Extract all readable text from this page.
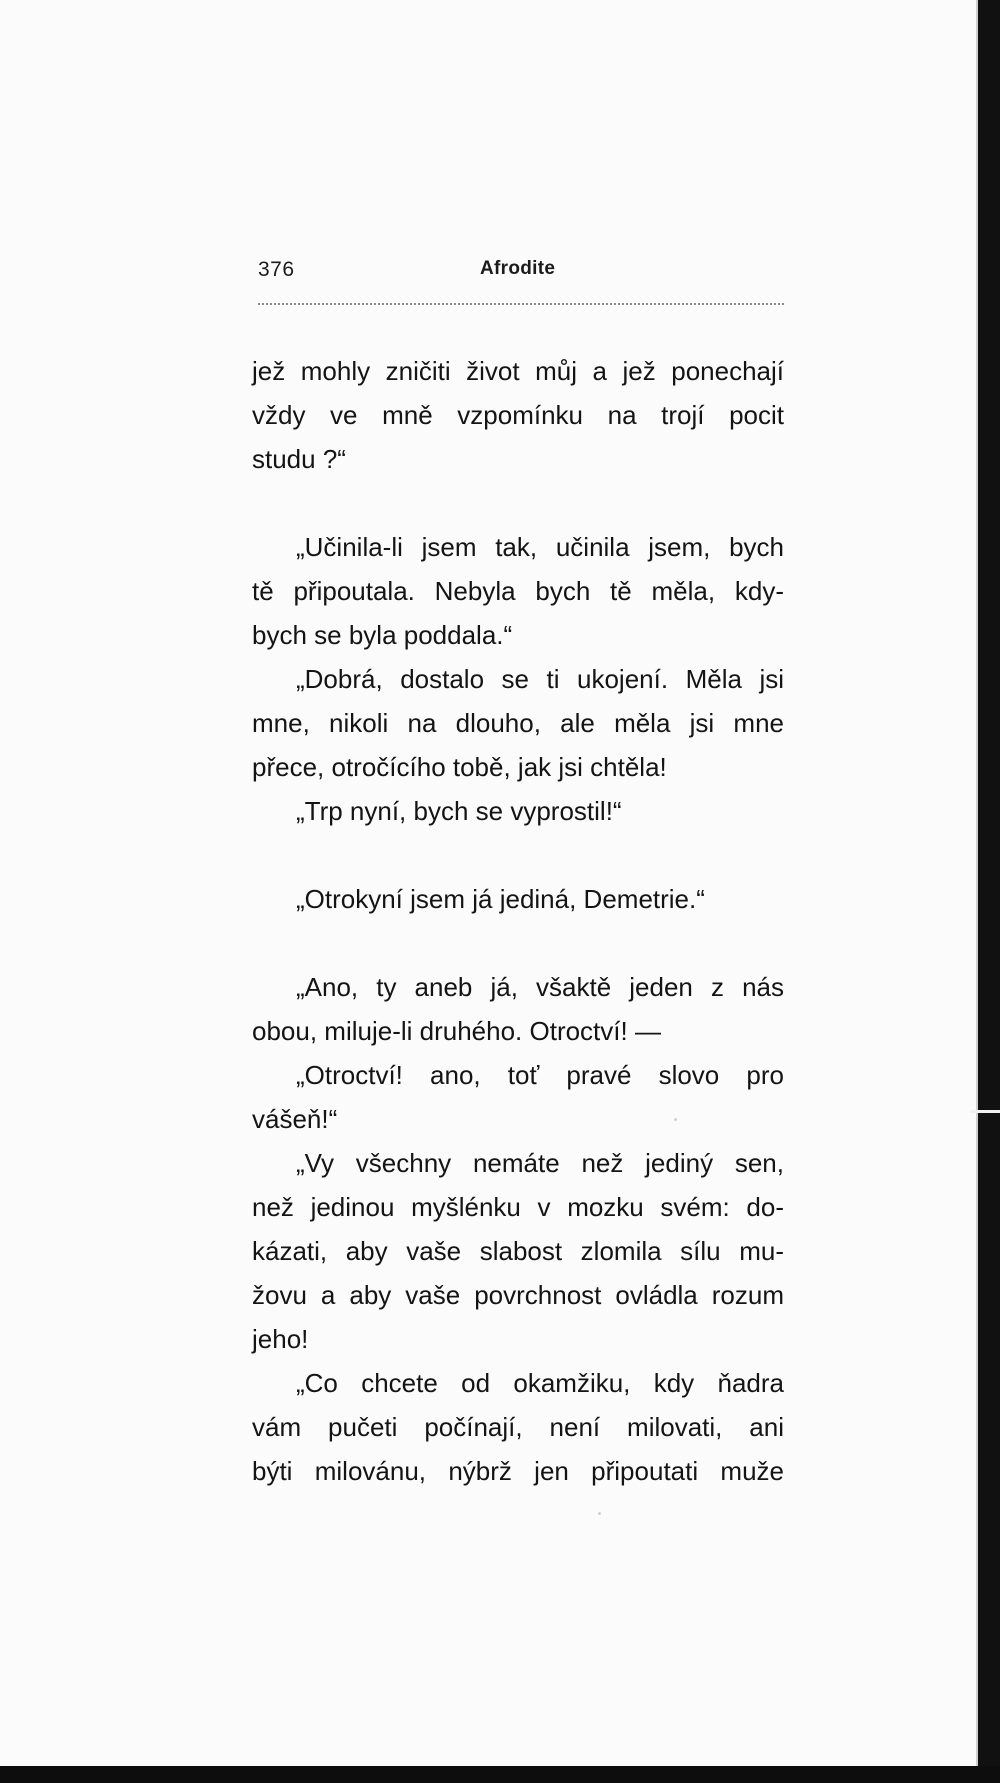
376	Afrodite
jež mohly zničiti život můj a jež ponechají
vždy ve mně vzpomínku na trojí pocit
studu ?“
„Učinila-li jsem tak, učinila jsem, bych
tě připoutala. Nebyla bych tě měla, kdy-
bych se byla poddala.“
„Dobrá, dostalo se ti ukojení. Měla jsi
mne, nikoli na dlouho, ale měla jsi mne
přece, otročícího tobě, jak jsi chtěla!
„Trp nyní, bych se vyprostil!“
„Otrokyní jsem já jediná, Demetrie.“
„Ano, ty aneb já, všaktě jeden z nás
obou, miluje-li druhého. Otroctví! —
„Otroctví! ano, toť pravé slovo pro
vášeň!“
„Vy všechny nemáte než jediný sen,
než jedinou myšlénku v mozku svém: do-
kázati, aby vaše slabost zlomila sílu mu-
žovu a aby vaše povrchnost ovládla rozum
jeho!
„Co chcete od okamžiku, kdy ňadra
vám pučeti počínají, není milovati, ani
býti milovánu, nýbrž jen připoutati muže
